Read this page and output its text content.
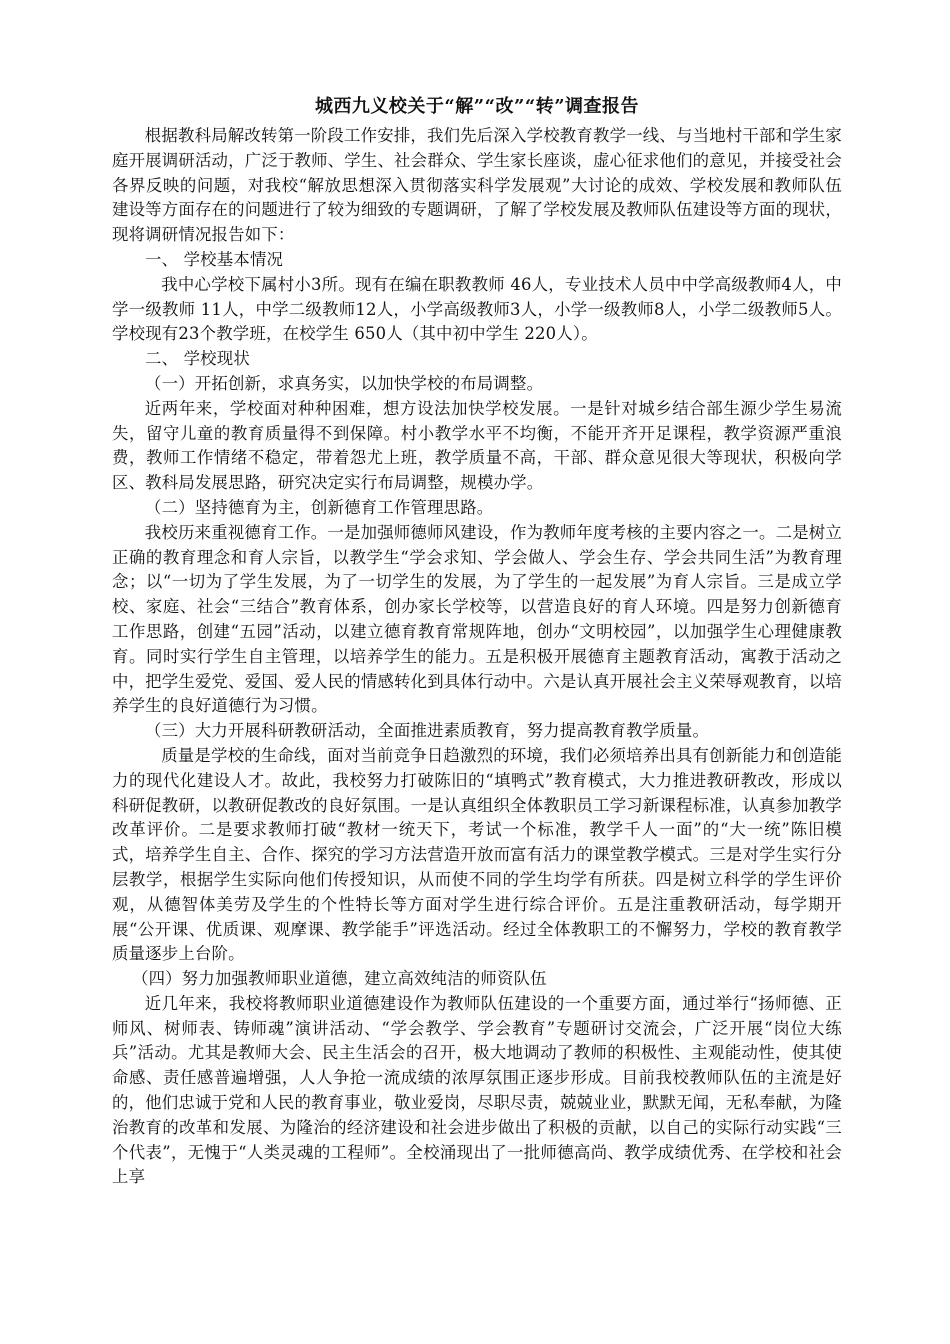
城西九义校关于“解”“改”“转”调查报告

根据教科局解改转第一阶段工作安排，我们先后深入学校教育教学一线、与当地村干部和学生家庭开展调研活动，广泛于教师、学生、社会群众、学生家长座谈，虚心征求他们的意见，并接受社会各界反映的问题，对我校“解放思想深入贯彻落实科学发展观”大讨论的成效、学校发展和教师队伍建设等方面存在的问题进行了较为细致的专题调研，了解了学校发展及教师队伍建设等方面的现状，现将调研情况报告如下：

一、 学校基本情况

我中心学校下属村小3所。现有在编在职教教师 46人，专业技术人员中中学高级教师4人，中学一级教师 11人，中学二级教师12人，小学高级教师3人，小学一级教师8人，小学二级教师5人。学校现有23个教学班，在校学生 650人（其中初中学生 220人）。

二、 学校现状

（一）开拓创新，求真务实，以加快学校的布局调整。

近两年来，学校面对种种困难，想方设法加快学校发展。一是针对城乡结合部生源少学生易流失，留守儿童的教育质量得不到保障。村小教学水平不均衡，不能开齐开足课程，教学资源严重浪费，教师工作情绪不稳定，带着怨尤上班，教学质量不高，干部、群众意见很大等现状，积极向学区、教科局发展思路，研究决定实行布局调整，规模办学。

（二）坚持德育为主，创新德育工作管理思路。

我校历来重视德育工作。一是加强师德师风建设，作为教师年度考核的主要内容之一。二是树立正确的教育理念和育人宗旨，以教学生“学会求知、学会做人、学会生存、学会共同生活”为教育理念；以“一切为了学生发展，为了一切学生的发展，为了学生的一起发展”为育人宗旨。三是成立学校、家庭、社会“三结合”教育体系，创办家长学校等，以营造良好的育人环境。四是努力创新德育工作思路，创建“五园”活动，以建立德育教育常规阵地，创办“文明校园”，以加强学生心理健康教育。同时实行学生自主管理，以培养学生的能力。五是积极开展德育主题教育活动，寓教于活动之中，把学生爱党、爱国、爱人民的情感转化到具体行动中。六是认真开展社会主义荣辱观教育，以培养学生的良好道德行为习惯。

（三）大力开展科研教研活动，全面推进素质教育，努力提高教育教学质量。

质量是学校的生命线，面对当前竞争日趋激烈的环境，我们必须培养出具有创新能力和创造能力的现代化建设人才。故此，我校努力打破陈旧的“填鸭式”教育模式，大力推进教研教改，形成以科研促教研，以教研促教改的良好氛围。一是认真组织全体教职员工学习新课程标准，认真参加教学改革评价。二是要求教师打破“教材一统天下，考试一个标准，教学千人一面”的“大一统”陈旧模式，培养学生自主、合作、探究的学习方法营造开放而富有活力的课堂教学模式。三是对学生实行分层教学，根据学生实际向他们传授知识，从而使不同的学生均学有所获。四是树立科学的学生评价观，从德智体美劳及学生的个性特长等方面对学生进行综合评价。五是注重教研活动，每学期开展“公开课、优质课、观摩课、教学能手”评选活动。经过全体教职工的不懈努力，学校的教育教学质量逐步上台阶。

（四）努力加强教师职业道德，建立高效纯洁的师资队伍

近几年来，我校将教师职业道德建设作为教师队伍建设的一个重要方面，通过举行“扬师德、正师风、树师表、铸师魂”演讲活动、“学会教学、学会教育”专题研讨交流会，广泛开展“岗位大练兵”活动。尤其是教师大会、民主生活会的召开，极大地调动了教师的积极性、主观能动性，使其使命感、责任感普遍增强，人人争抢一流成绩的浓厚氛围正逐步形成。目前我校教师队伍的主流是好的，他们忠诚于党和人民的教育事业，敬业爱岗，尽职尽责，兢兢业业，默默无闻，无私奉献，为隆治教育的改革和发展、为隆治的经济建设和社会进步做出了积极的贡献，以自己的实际行动实践“三个代表”，无愧于“人类灵魂的工程师”。全校涌现出了一批师德高尚、教学成绩优秀、在学校和社会上享
